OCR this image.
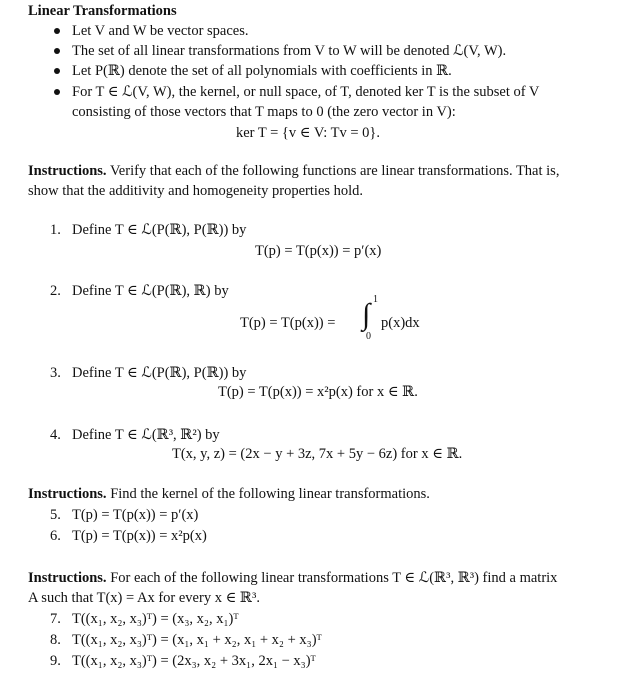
Linear Transformations
Let V and W be vector spaces.
The set of all linear transformations from V to W will be denoted ℒ(V, W).
Let P(ℝ) denote the set of all polynomials with coefficients in ℝ.
For T ∈ ℒ(V, W), the kernel, or null space, of T, denoted ker T is the subset of V
consisting of those vectors that T maps to 0 (the zero vector in V):
ker T = {v ∈ V: Tv = 0}.
Instructions. Verify that each of the following functions are linear transformations. That is,
show that the additivity and homogeneity properties hold.
1. Define T ∈ ℒ(P(ℝ), P(ℝ)) by
T(p) = T(p(x)) = p′(x)
2. Define T ∈ ℒ(P(ℝ), ℝ) by
T(p) = T(p(x)) = ∫ 1
0
p(x)dx
3. Define T ∈ ℒ(P(ℝ), P(ℝ)) by
T(p) = T(p(x)) = x²p(x) for x ∈ ℝ.
4. Define T ∈ ℒ(ℝ³, ℝ²) by
T(x, y, z) = (2x − y + 3z, 7x + 5y − 6z) for x ∈ ℝ.
Instructions. Find the kernel of the following linear transformations.
5. T(p) = T(p(x)) = p′(x)
6. T(p) = T(p(x)) = x²p(x)
Instructions. For each of the following linear transformations T ∈ ℒ(ℝ³, ℝ³) find a matrix
A such that T(x) = Ax for every x ∈ ℝ³.
7. T((x₁, x₂, x₃)ᵀ) = (x₃, x₂, x₁)ᵀ
8. T((x₁, x₂, x₃)ᵀ) = (x₁, x₁ + x₂, x₁ + x₂ + x₃)ᵀ
9. T((x₁, x₂, x₃)ᵀ) = (2x₃, x₂ + 3x₁, 2x₁ − x₃)ᵀ
